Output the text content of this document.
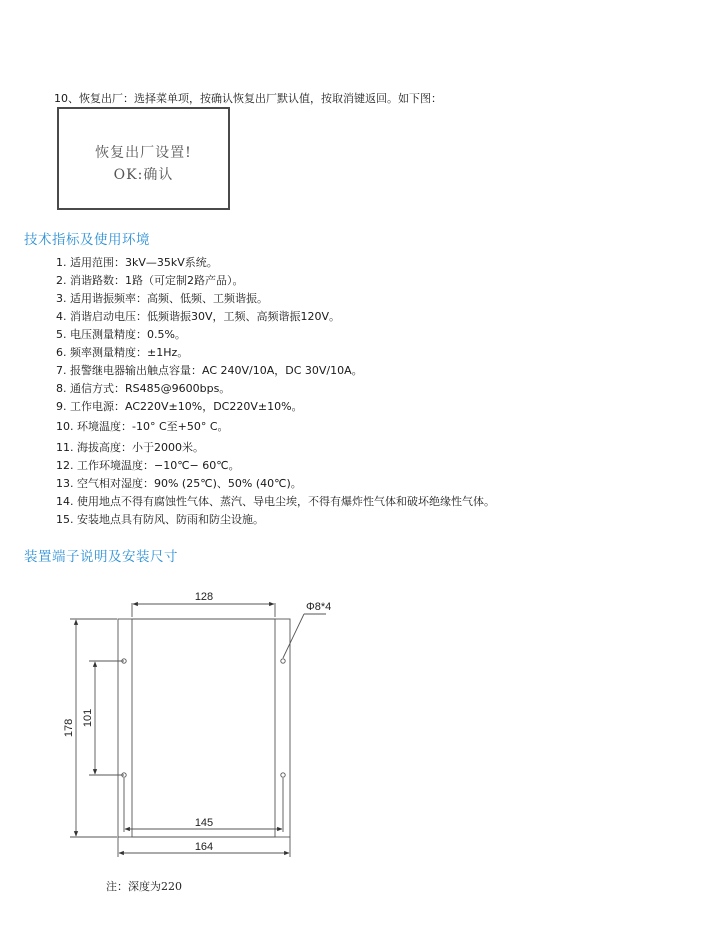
10、恢复出厂：选择菜单项，按确认恢复出厂默认值，按取消键返回。如下图：
恢复出厂设置!
OK:确认
技术指标及使用环境
1. 适用范围：3kV—35kV系统。
2. 消谐路数：1路（可定制2路产品）。
3. 适用谐振频率：高频、低频、工频谐振。
4. 消谐启动电压：低频谐振30V，工频、高频谐振120V。
5. 电压测量精度：0.5%。
6. 频率测量精度：±1Hz。
7. 报警继电器输出触点容量：AC 240V/10A，DC 30V/10A。
8. 通信方式：RS485@9600bps。
9. 工作电源：AC220V±10%，DC220V±10%。
10. 环境温度：-10° C至+50° C。
11. 海拔高度：小于2000米。
12. 工作环境温度：−10℃− 60℃。
13. 空气相对湿度：90% (25℃)、50% (40℃)。
14. 使用地点不得有腐蚀性气体、蒸汽、导电尘埃，不得有爆炸性气体和破坏绝缘性气体。
15. 安装地点具有防风、防雨和防尘设施。
装置端子说明及安装尺寸
128
Φ8*4
178
101
145
164
注：深度为220
